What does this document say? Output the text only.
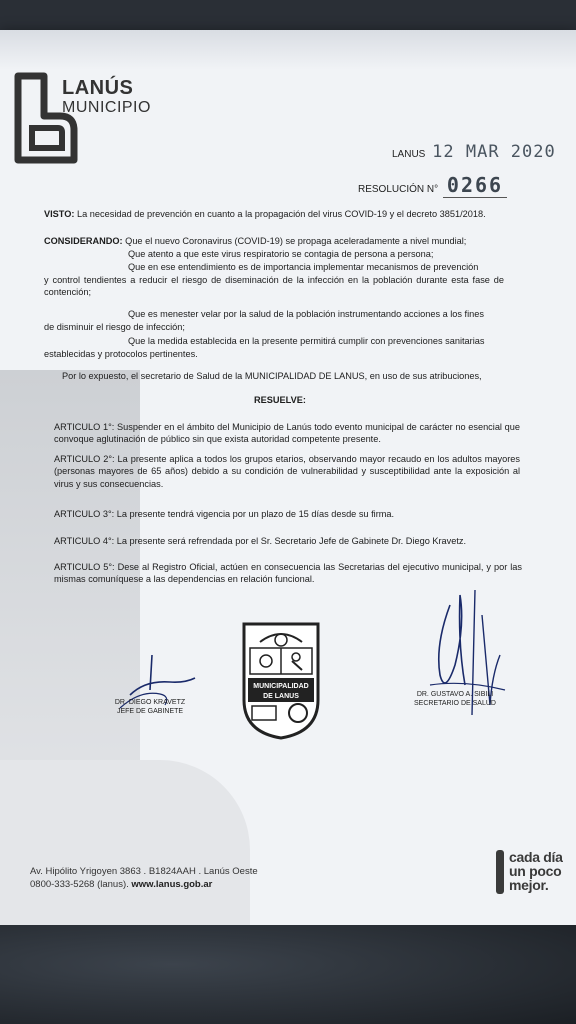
LANÚS
MUNICIPIO
LANUS 12 MAR 2020
RESOLUCIÓN N° 0266
VISTO: La necesidad de prevención en cuanto a la propagación del virus COVID-19 y el decreto 3851/2018.
CONSIDERANDO: Que el nuevo Coronavirus (COVID-19) se propaga aceleradamente a nivel mundial;
Que atento a que este virus respiratorio se contagia de persona a persona;
Que en ese entendimiento es de importancia implementar mecanismos de prevención
y control tendientes a reducir el riesgo de diseminación de la infección en la población durante esta fase de contención;
Que es menester velar por la salud de la población instrumentando acciones a los fines
de disminuir el riesgo de infección;
Que la medida establecida en la presente permitirá cumplir con prevenciones sanitarias
establecidas y protocolos pertinentes.
Por lo expuesto, el secretario de Salud de la MUNICIPALIDAD DE LANUS, en uso de sus atribuciones,
RESUELVE:
ARTICULO 1°: Suspender en el ámbito del Municipio de Lanús todo evento municipal de carácter no esencial que convoque aglutinación de público sin que exista autoridad competente presente.
ARTICULO 2°: La presente aplica a todos los grupos etarios, observando mayor recaudo en los adultos mayores (personas mayores de 65 años) debido a su condición de vulnerabilidad y susceptibilidad ante la exposición al virus y sus consecuencias.
ARTICULO 3°: La presente tendrá vigencia por un plazo de 15 días desde su firma.
ARTICULO 4°: La presente será refrendada por el Sr. Secretario Jefe de Gabinete Dr. Diego Kravetz.
ARTICULO 5°: Dese al Registro Oficial, actúen en consecuencia las Secretarias del ejecutivo municipal, y por las mismas comuníquese a las dependencias en relación funcional.
DR. DIEGO KRAVETZ
JEFE DE GABINETE
MUNICIPALIDAD
DE LANUS	DR. GUSTAVO A. SIBILI
SECRETARIO DE SALUD
Av. Hipólito Yrigoyen 3863 . B1824AAH . Lanús Oeste
0800-333-5268 (lanus). www.lanus.gob.ar
cada día
un poco
mejor.
